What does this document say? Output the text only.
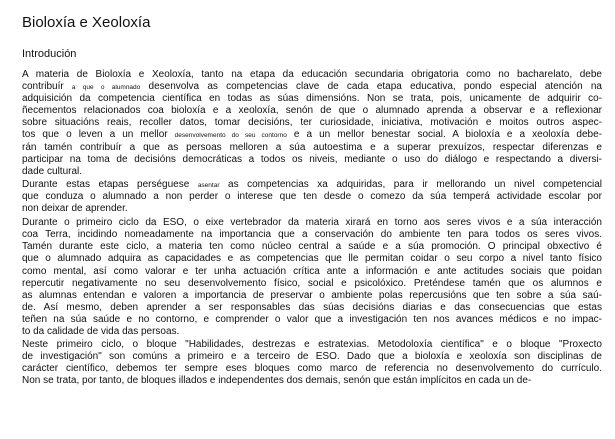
Bioloxía e Xeoloxía
Introdución

A materia de Bioloxía e Xeoloxía, tanto na etapa da educación secundaria obrigatoria como no bacharelato, debe
contribuír a que o alumnado desenvolva as competencias clave de cada etapa educativa, pondo especial atención na
adquisición da competencia científica en todas as súas dimensións. Non se trata, pois, unicamente de adquirir co-
ñecementos relacionados coa bioloxía e a xeoloxía, senón de que o alumnado aprenda a observar e a reflexionar
sobre situacións reais, recoller datos, tomar decisións, ter curiosidade, iniciativa, motivación e moitos outros aspec-
tos que o leven a un mellor desenvolvemento do seu contorno e a un mellor benestar social. A bioloxía e a xeoloxía debe-
rán tamén contribuír a que as persoas melloren a súa autoestima e a superar prexuízos, respectar diferenzas e
participar na toma de decisións democráticas a todos os niveis, mediante o uso do diálogo e respectando a diversi-
dade cultural.

Durante estas etapas perséguese asentar as competencias xa adquiridas, para ir mellorando un nivel competencial
que conduza o alumnado a non perder o interese que ten desde o comezo da súa temperá actividade escolar por
non deixar de aprender.

Durante o primeiro ciclo da ESO, o eixe vertebrador da materia xirará en torno aos seres vivos e a súa interacción
coa Terra, incidindo nomeadamente na importancia que a conservación do ambiente ten para todos os seres vivos.
Tamén durante este ciclo, a materia ten como núcleo central a saúde e a súa promoción. O principal obxectivo é
que o alumnado adquira as capacidades e as competencias que lle permitan coidar o seu corpo a nivel tanto físico
como mental, así como valorar e ter unha actuación crítica ante a información e ante actitudes sociais que poidan
repercutir negativamente no seu desenvolvemento físico, social e psicolóxico. Preténdese tamén que os alumnos e
as alumnas entendan e valoren a importancia de preservar o ambiente polas repercusións que ten sobre a súa saú-
de. Así mesmo, deben aprender a ser responsables das súas decisións diarias e das consecuencias que estas
teñen na súa saúde e no contorno, e comprender o valor que a investigación ten nos avances médicos e no impac-
to da calidade de vida das persoas.

Neste primeiro ciclo, o bloque "Habilidades, destrezas e estratexias. Metodoloxía científica" e o bloque "Proxecto
de investigación" son comúns a primeiro e a terceiro de ESO. Dado que a bioloxía e xeoloxía son disciplinas de
carácter científico, debemos ter sempre eses bloques como marco de referencia no desenvolvemento do currículo.
Non se trata, por tanto, de bloques illados e independentes dos demais, senón que están implícitos en cada un de-
